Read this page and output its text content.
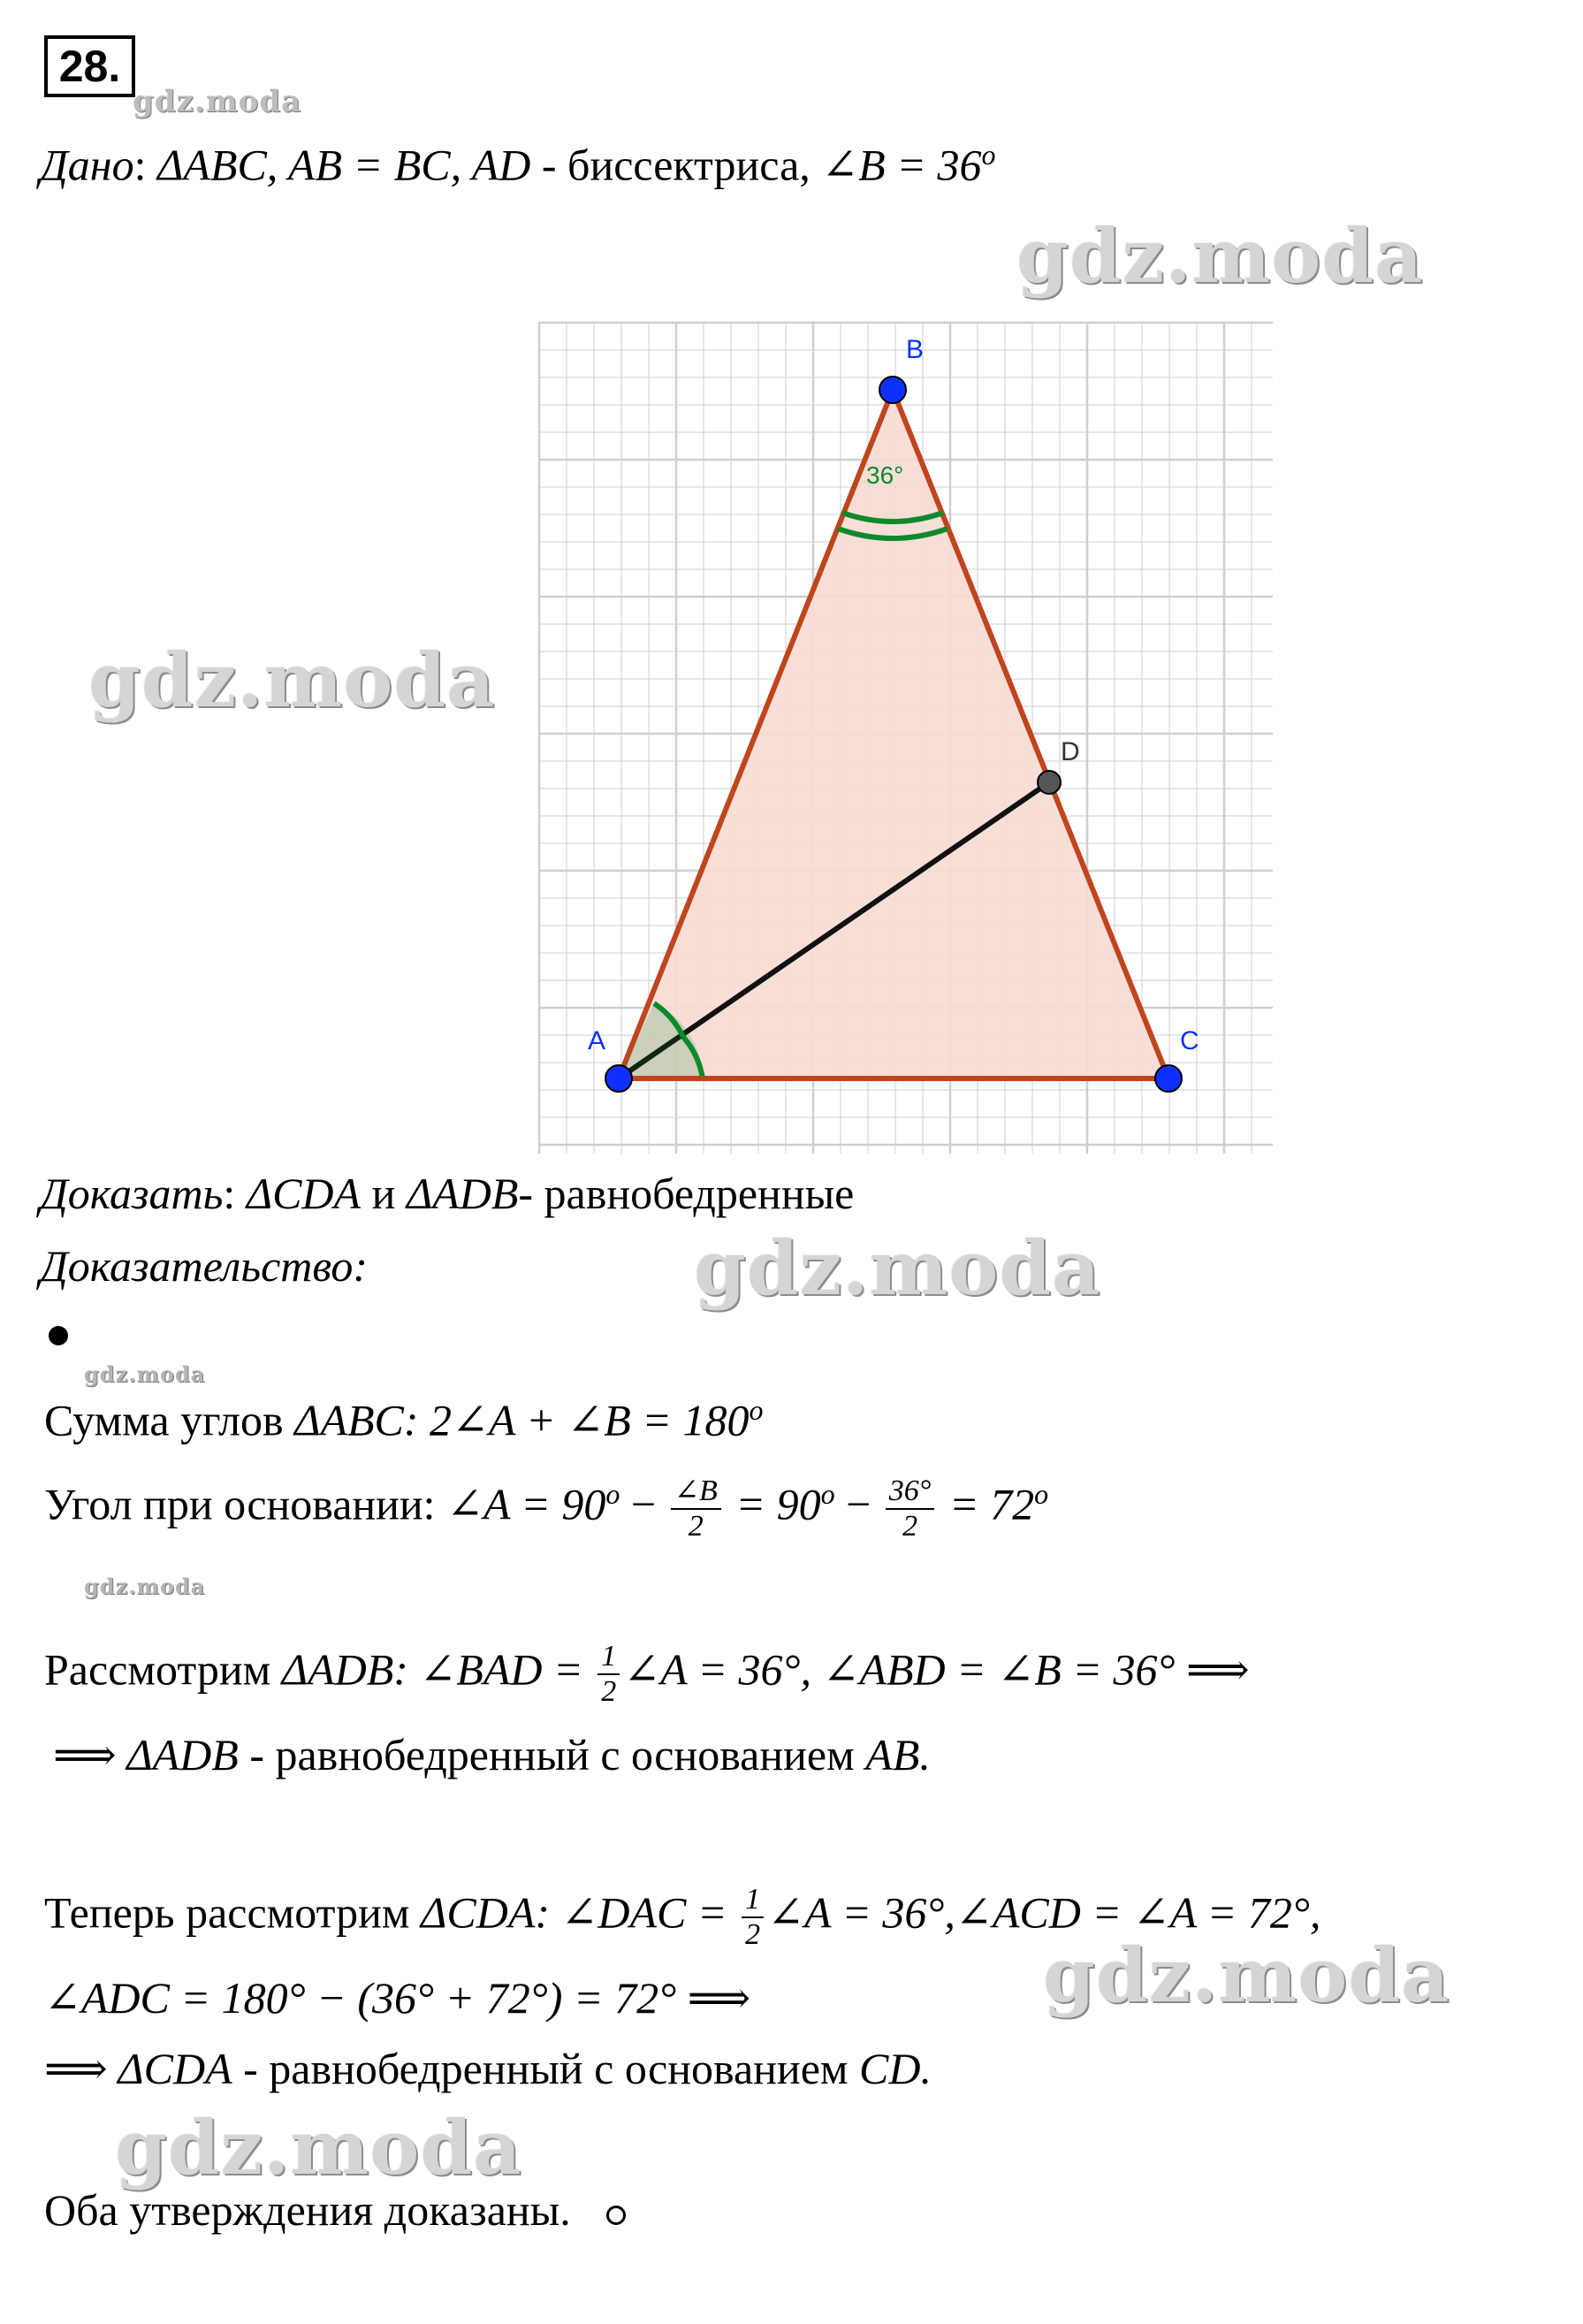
28.
gdz.moda
gdz.moda
gdz.moda
gdz.moda
gdz.moda
gdz.moda
gdz.moda
gdz.moda
Дано: ΔABC, AB = BC, AD - биссектриса, ∠B = $36^o$
A
B
C
D
36°
Доказать: ΔCDA и ΔADB- равнобедренные
Доказательство:
Сумма углов ΔABC: 2∠A + ∠B = $180^o$
Угол при основании: ∠A = $90^o - \frac{\angle B}{2} = 90^o - \frac{36^\circ}{2} = 72^o$
Рассмотрим ΔADB: ∠BAD = $\frac{1}{2}$ ∠A = 36°, ∠ABD = ∠B = 36° ⟹
⟹ ΔADB - равнобедренный с основанием AB.
Теперь рассмотрим ΔCDA: ∠DAC = $\frac{1}{2}$ ∠A = 36°,∠ACD = ∠A = 72°,
∠ADC = 180° − (36° + 72°) = 72° ⟹
⟹ ΔCDA - равнобедренный с основанием CD.
Оба утверждения доказаны.
